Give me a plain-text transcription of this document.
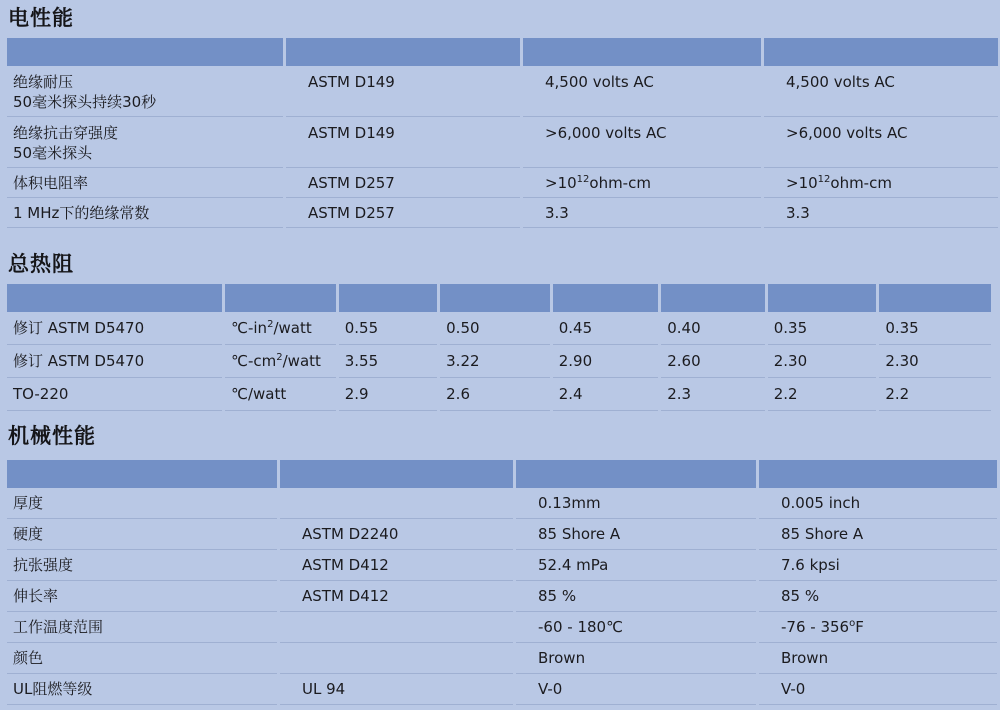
电性能

绝缘耐压
50毫米探头持续30秒	ASTM D149	4,500 volts AC	4,500 volts AC

绝缘抗击穿强度
50毫米探头	ASTM D149	>6,000 volts AC	>6,000 volts AC
体积电阻率	ASTM D257	$>10^{12}ohm-cm$	$>10^{12}ohm-cm$
1 MHz下的绝缘常数	ASTM D257	3.3	3.3
总热阻

修订 ASTM D5470	$℃-in^2$/watt	0.55	0.50	0.45	0.40	0.35	0.35
修订 ASTM D5470	$℃-cm^2$/watt	3.55	3.22	2.90	2.60	2.30	2.30
TO-220	℃/watt	2.9	2.6	2.4	2.3	2.2	2.2
机械性能

厚度		0.13mm	0.005 inch
硬度	ASTM D2240	85 Shore A	85 Shore A
抗张强度	ASTM D412	52.4 mPa	7.6 kpsi
伸长率	ASTM D412	85 %	85 %
工作温度范围		-60 - 180℃	-76 - 356$^o$F
颜色		Brown	Brown
UL阻燃等级	UL 94	V-0	V-0
